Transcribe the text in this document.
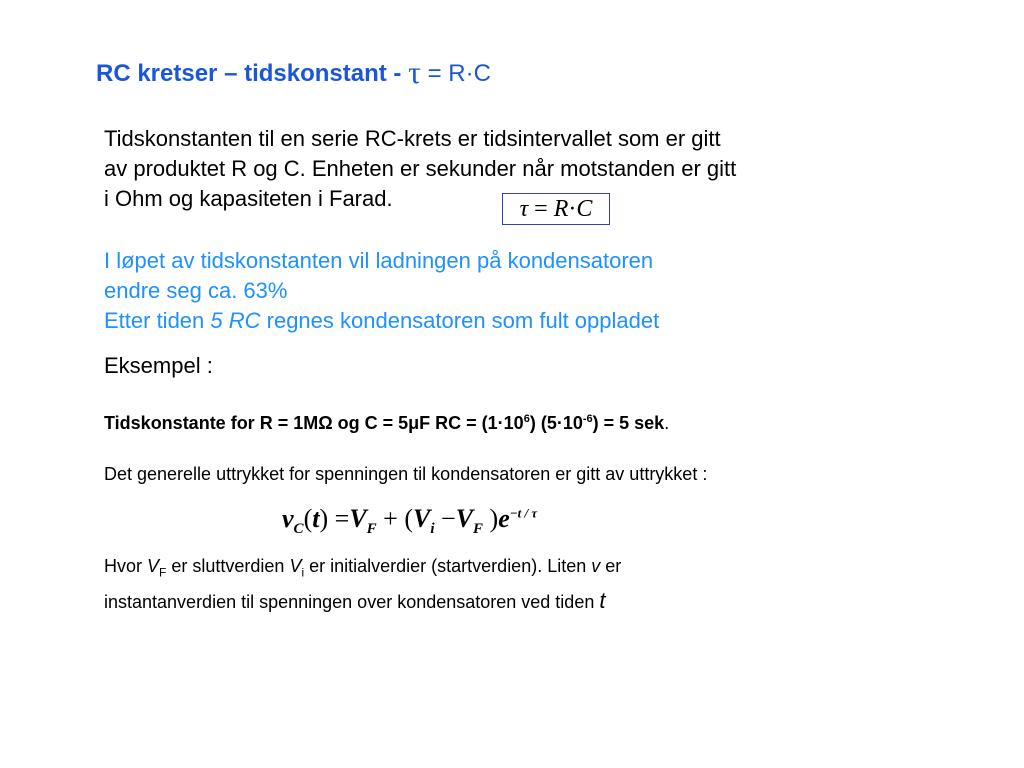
RC kretser – tidskonstant - τ = R·C
Tidskonstanten til en serie RC-krets er tidsintervallet som er gitt
av produktet R og C. Enheten er sekunder når motstanden er gitt
i Ohm og kapasiteten i Farad.	τ = R·C
I løpet av tidskonstanten vil ladningen på kondensatoren
endre seg ca. 63%
Etter tiden 5 RC regnes kondensatoren som fult oppladet
Eksempel :
Tidskonstante for R = 1MΩ og C = 5μF RC = $(1\cdot 10^6) (5\cdot 10^{-6}) = 5$ sek.
Det generelle uttrykket for spenningen til kondensatoren er gitt av uttrykket :
$v_C(t) =V_F + (V_i -V_F$ )$e^{-t / \tau}$
Hvor $V_F$ er sluttverdien $V_i$ er initialverdier (startverdien). Liten v er
instantanverdien til spenningen over kondensatoren ved tiden t
